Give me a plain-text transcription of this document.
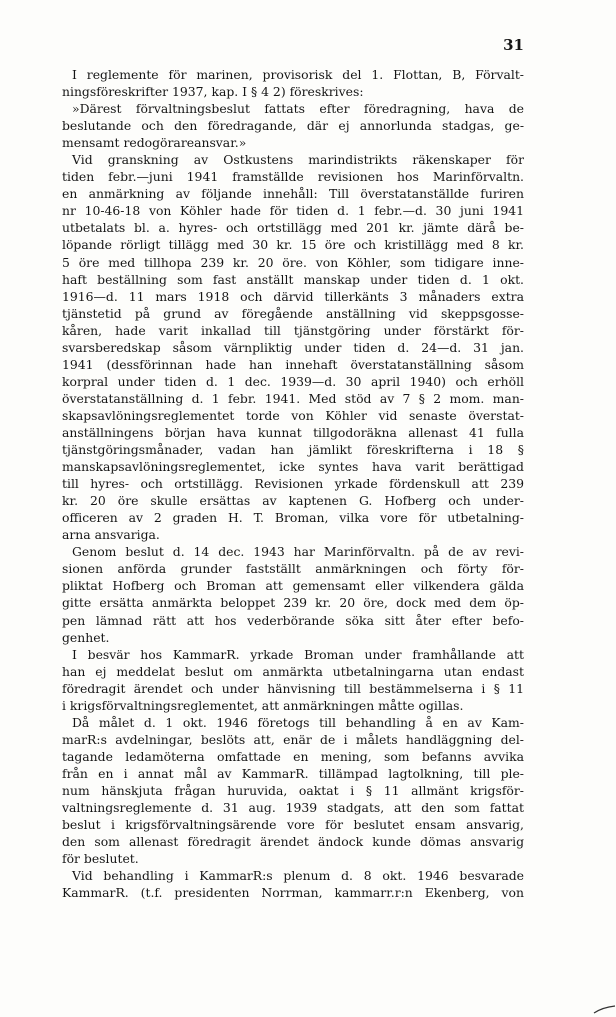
31
I reglemente för marinen, provisorisk del 1. Flottan, B, Förvalt-
ningsföreskrifter 1937, kap. I § 4 2) föreskrives:
»Därest förvaltningsbeslut fattats efter föredragning, hava de
beslutande och den föredragande, där ej annorlunda stadgas, ge-
mensamt redogörareansvar.»
Vid granskning av Ostkustens marindistrikts räkenskaper för
tiden febr.—juni 1941 framställde revisionen hos Marinförvaltn.
en anmärkning av följande innehåll: Till överstatanställde furiren
nr 10-46-18 von Köhler hade för tiden d. 1 febr.—d. 30 juni 1941
utbetalats bl. a. hyres- och ortstillägg med 201 kr. jämte därå be-
löpande rörligt tillägg med 30 kr. 15 öre och kristillägg med 8 kr.
5 öre med tillhopa 239 kr. 20 öre. von Köhler, som tidigare inne-
haft beställning som fast anställt manskap under tiden d. 1 okt.
1916—d. 11 mars 1918 och därvid tillerkänts 3 månaders extra
tjänstetid på grund av föregående anställning vid skeppsgosse-
kåren, hade varit inkallad till tjänstgöring under förstärkt för-
svarsberedskap såsom värnpliktig under tiden d. 24—d. 31 jan.
1941 (dessförinnan hade han innehaft överstatanställning såsom
korpral under tiden d. 1 dec. 1939—d. 30 april 1940) och erhöll
överstatanställning d. 1 febr. 1941. Med stöd av 7 § 2 mom. man-
skapsavlöningsreglementet torde von Köhler vid senaste överstat-
anställningens början hava kunnat tillgodoräkna allenast 41 fulla
tjänstgöringsmånader, vadan han jämlikt föreskrifterna i 18 §
manskapsavlöningsreglementet, icke syntes hava varit berättigad
till hyres- och ortstillägg. Revisionen yrkade fördenskull att 239
kr. 20 öre skulle ersättas av kaptenen G. Hofberg och under-
officeren av 2 graden H. T. Broman, vilka vore för utbetalning-
arna ansvariga.
Genom beslut d. 14 dec. 1943 har Marinförvaltn. på de av revi-
sionen anförda grunder fastställt anmärkningen och förty för-
pliktat Hofberg och Broman att gemensamt eller vilkendera gälda
gitte ersätta anmärkta beloppet 239 kr. 20 öre, dock med dem öp-
pen lämnad rätt att hos vederbörande söka sitt åter efter befo-
genhet.
I besvär hos KammarR. yrkade Broman under framhållande att
han ej meddelat beslut om anmärkta utbetalningarna utan endast
föredragit ärendet och under hänvisning till bestämmelserna i § 11
i krigsförvaltningsreglementet, att anmärkningen måtte ogillas.
Då målet d. 1 okt. 1946 företogs till behandling å en av Kam-
marR:s avdelningar, beslöts att, enär de i målets handläggning del-
tagande ledamöterna omfattade en mening, som befanns avvika
från en i annat mål av KammarR. tillämpad lagtolkning, till ple-
num hänskjuta frågan huruvida, oaktat i § 11 allmänt krigsför-
valtningsreglemente d. 31 aug. 1939 stadgats, att den som fattat
beslut i krigsförvaltningsärende vore för beslutet ensam ansvarig,
den som allenast föredragit ärendet ändock kunde dömas ansvarig
för beslutet.
Vid behandling i KammarR:s plenum d. 8 okt. 1946 besvarade
KammarR. (t.f. presidenten Norrman, kammarr.r:n Ekenberg, von
